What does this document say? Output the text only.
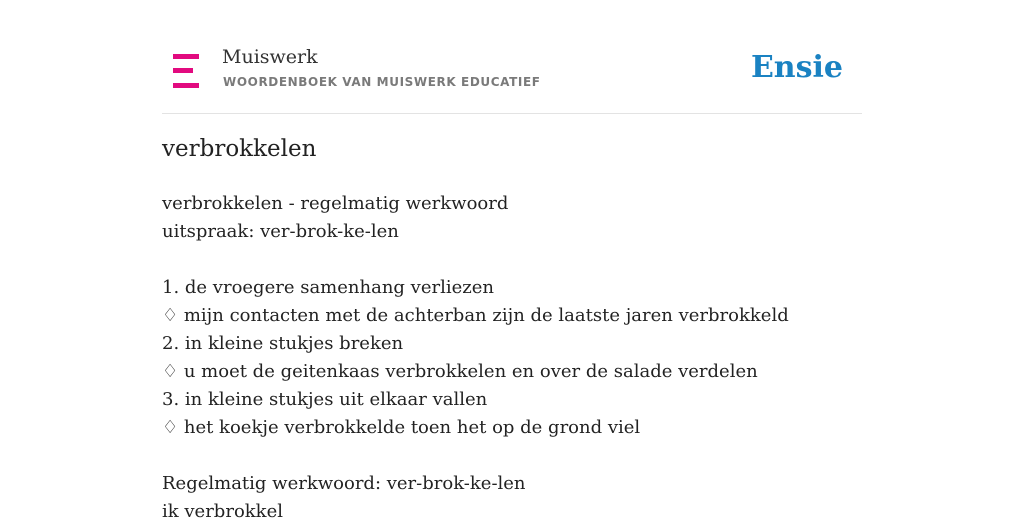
Muiswerk
WOORDENBOEK VAN MUISWERK EDUCATIEF	Ensie
verbrokkelen
verbrokkelen - regelmatig werkwoord
uitspraak: ver-brok-ke-len
1. de vroegere samenhang verliezen
♢ mijn contacten met de achterban zijn de laatste jaren verbrokkeld
2. in kleine stukjes breken
♢ u moet de geitenkaas verbrokkelen en over de salade verdelen
3. in kleine stukjes uit elkaar vallen
♢ het koekje verbrokkelde toen het op de grond viel
Regelmatig werkwoord: ver-brok-ke-len
ik verbrokkel
